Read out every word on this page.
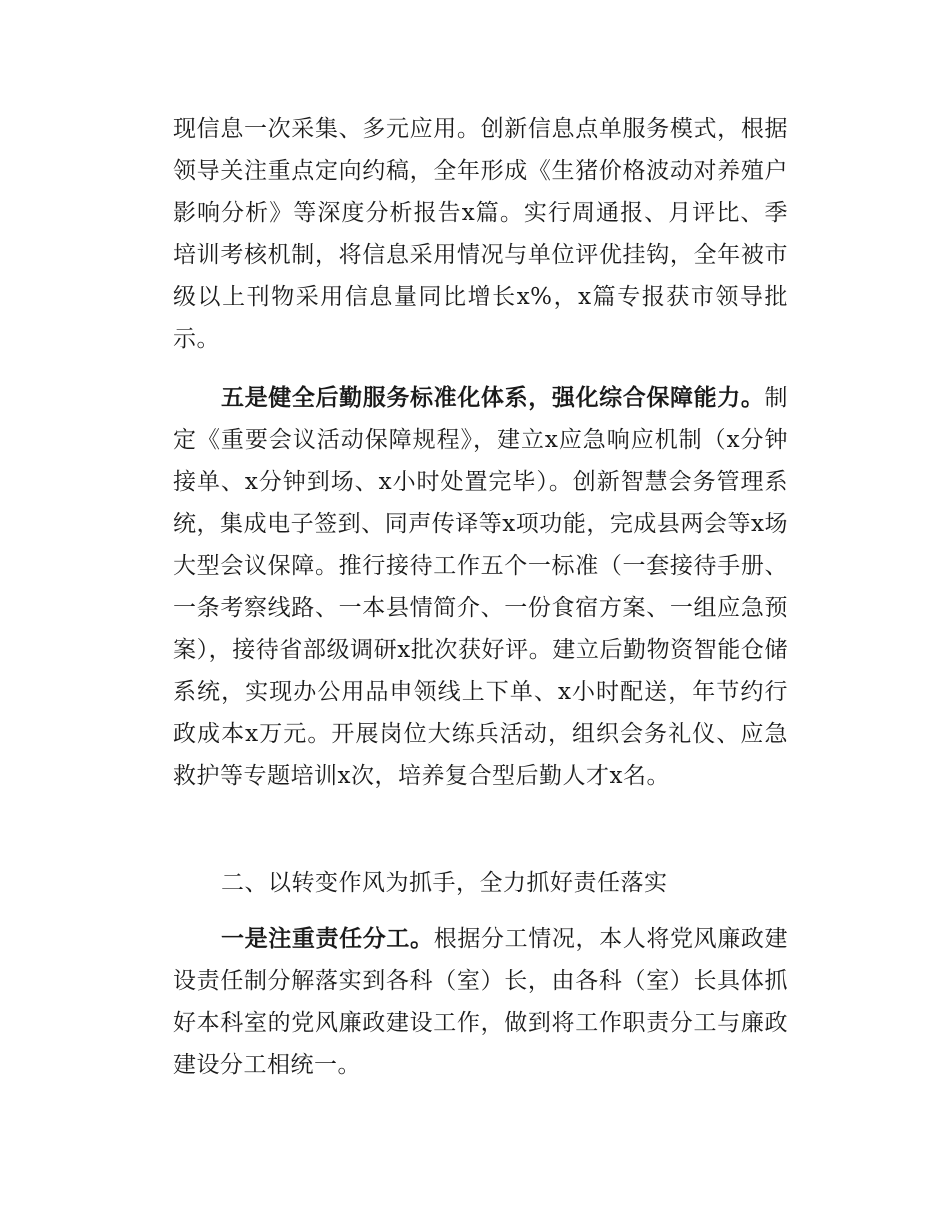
现信息一次采集、多元应用。创新信息点单服务模式，根据领导关注重点定向约稿，全年形成《生猪价格波动对养殖户影响分析》等深度分析报告x篇。实行周通报、月评比、季培训考核机制，将信息采用情况与单位评优挂钩，全年被市级以上刊物采用信息量同比增长x%，x篇专报获市领导批示。

五是健全后勤服务标准化体系，强化综合保障能力。制定《重要会议活动保障规程》，建立x应急响应机制（x分钟接单、x分钟到场、x小时处置完毕）。创新智慧会务管理系统，集成电子签到、同声传译等x项功能，完成县两会等x场大型会议保障。推行接待工作五个一标准（一套接待手册、一条考察线路、一本县情简介、一份食宿方案、一组应急预案），接待省部级调研x批次获好评。建立后勤物资智能仓储系统，实现办公用品申领线上下单、x小时配送，年节约行政成本x万元。开展岗位大练兵活动，组织会务礼仪、应急救护等专题培训x次，培养复合型后勤人才x名。

二、以转变作风为抓手，全力抓好责任落实

一是注重责任分工。根据分工情况，本人将党风廉政建设责任制分解落实到各科（室）长，由各科（室）长具体抓好本科室的党风廉政建设工作，做到将工作职责分工与廉政建设分工相统一。
